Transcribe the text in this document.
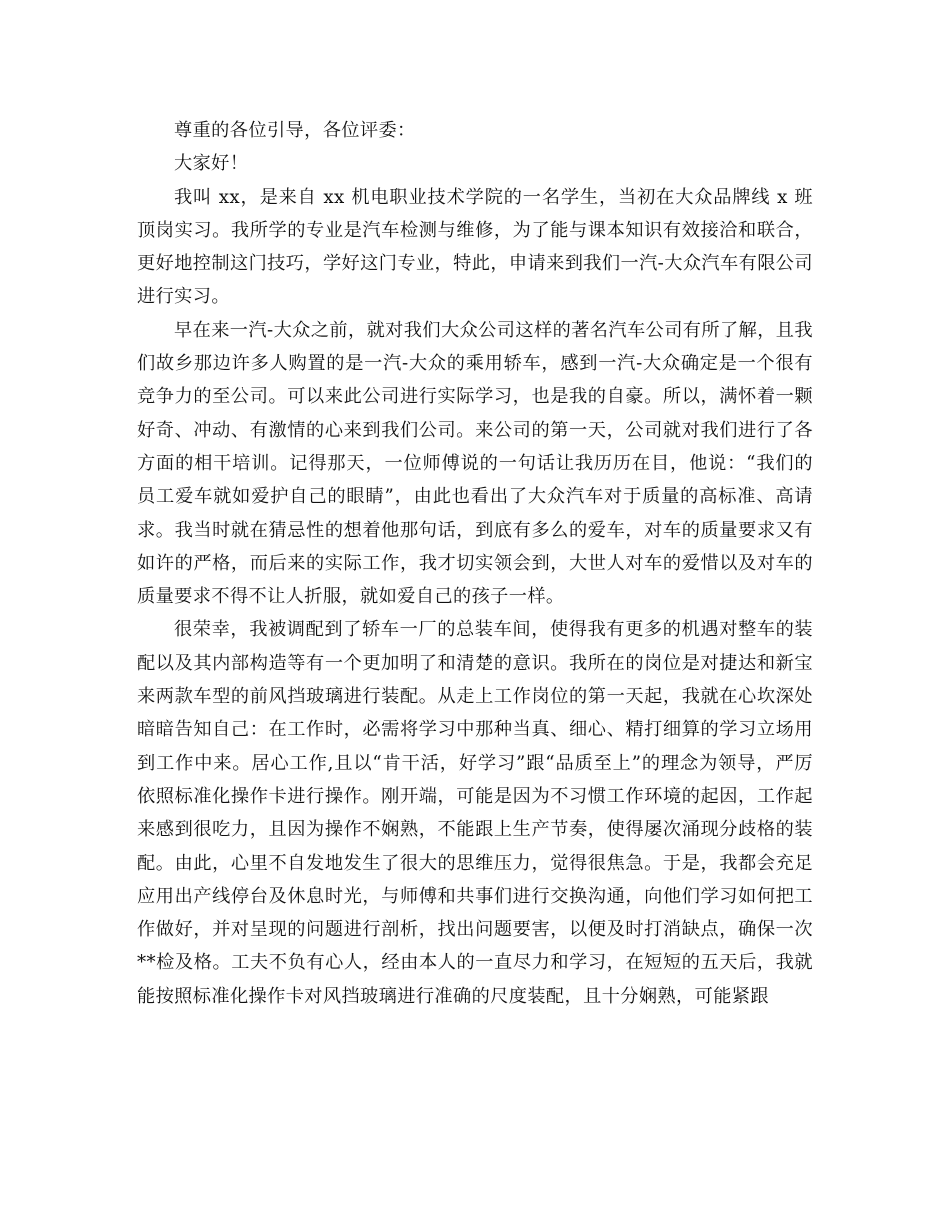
尊重的各位引导，各位评委：

大家好！

我叫 xx，是来自 xx 机电职业技术学院的一名学生，当初在大众品牌线 x 班顶岗实习。我所学的专业是汽车检测与维修，为了能与课本知识有效接洽和联合，更好地控制这门技巧，学好这门专业，特此，申请来到我们一汽-大众汽车有限公司进行实习。

早在来一汽-大众之前，就对我们大众公司这样的著名汽车公司有所了解，且我们故乡那边许多人购置的是一汽-大众的乘用轿车，感到一汽-大众确定是一个很有竞争力的至公司。可以来此公司进行实际学习，也是我的自豪。所以，满怀着一颗好奇、冲动、有激情的心来到我们公司。来公司的第一天，公司就对我们进行了各方面的相干培训。记得那天，一位师傅说的一句话让我历历在目，他说：“我们的员工爱车就如爱护自己的眼睛”，由此也看出了大众汽车对于质量的高标准、高请求。我当时就在猜忌性的想着他那句话，到底有多么的爱车，对车的质量要求又有如许的严格，而后来的实际工作，我才切实领会到，大世人对车的爱惜以及对车的质量要求不得不让人折服，就如爱自己的孩子一样。

很荣幸，我被调配到了轿车一厂的总装车间，使得我有更多的机遇对整车的装配以及其内部构造等有一个更加明了和清楚的意识。我所在的岗位是对捷达和新宝来两款车型的前风挡玻璃进行装配。从走上工作岗位的第一天起，我就在心坎深处暗暗告知自己：在工作时，必需将学习中那种当真、细心、精打细算的学习立场用到工作中来。居心工作,且以“肯干活，好学习”跟“品质至上”的理念为领导，严厉依照标准化操作卡进行操作。刚开端，可能是因为不习惯工作环境的起因，工作起来感到很吃力，且因为操作不娴熟，不能跟上生产节奏，使得屡次涌现分歧格的装配。由此，心里不自发地发生了很大的思维压力，觉得很焦急。于是，我都会充足应用出产线停台及休息时光，与师傅和共事们进行交换沟通，向他们学习如何把工作做好，并对呈现的问题进行剖析，找出问题要害，以便及时打消缺点，确保一次**检及格。工夫不负有心人，经由本人的一直尽力和学习，在短短的五天后，我就能按照标准化操作卡对风挡玻璃进行准确的尺度装配，且十分娴熟，可能紧跟
